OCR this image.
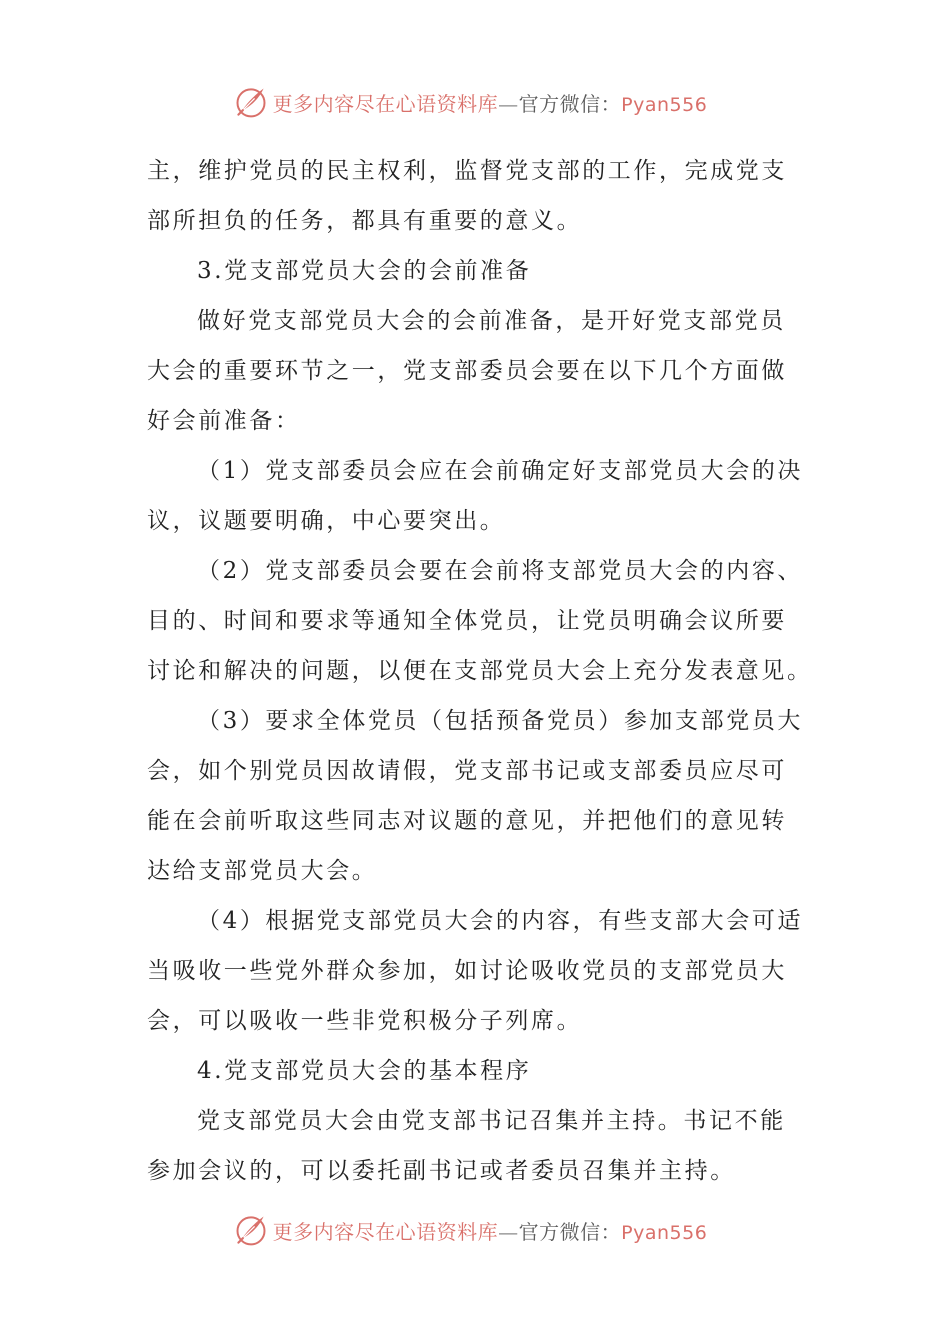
更多内容尽在心语资料库—官方微信：Pyan556

主，维护党员的民主权利，监督党支部的工作，完成党支

部所担负的任务，都具有重要的意义。

3.党支部党员大会的会前准备

做好党支部党员大会的会前准备，是开好党支部党员

大会的重要环节之一，党支部委员会要在以下几个方面做

好会前准备：

（1）党支部委员会应在会前确定好支部党员大会的决

议，议题要明确，中心要突出。

（2）党支部委员会要在会前将支部党员大会的内容、

目的、时间和要求等通知全体党员，让党员明确会议所要

讨论和解决的问题，以便在支部党员大会上充分发表意见。

（3）要求全体党员（包括预备党员）参加支部党员大

会，如个别党员因故请假，党支部书记或支部委员应尽可

能在会前听取这些同志对议题的意见，并把他们的意见转

达给支部党员大会。

（4）根据党支部党员大会的内容，有些支部大会可适

当吸收一些党外群众参加，如讨论吸收党员的支部党员大

会，可以吸收一些非党积极分子列席。

4.党支部党员大会的基本程序

党支部党员大会由党支部书记召集并主持。书记不能

参加会议的，可以委托副书记或者委员召集并主持。

更多内容尽在心语资料库—官方微信：Pyan556
